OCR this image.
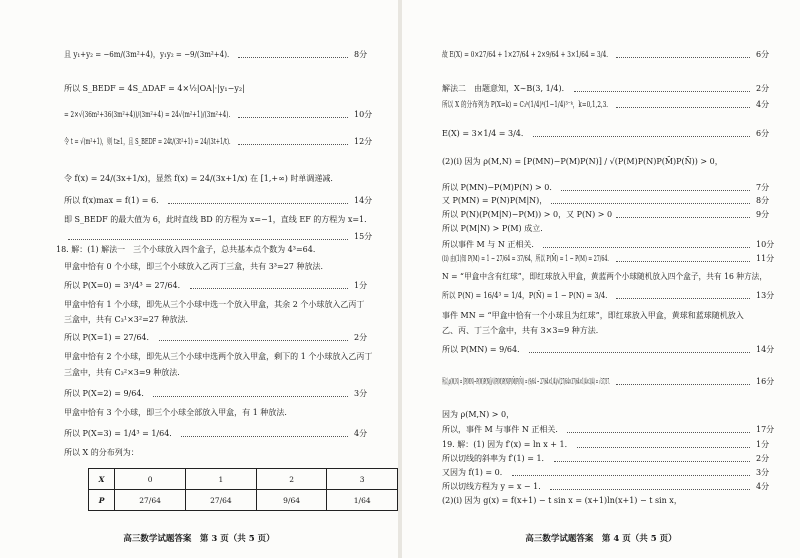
且 y₁+y₂ = −6m/(3m²+4)，y₁y₂ = −9/(3m²+4)．	8分
所以 S_BEDF = 4S_ΔDAF = 4×½|OA|·|y₁−y₂|
= 2×√(36m²+36(3m²+4))/(3m²+4) = 24√(m²+1)/(3m²+4)．	10分
令 t = √(m²+1)，则 t≥1，且 S_BEDF = 24t/(3t²+1) = 24/(3t+1/t)．	12分
令 f(x) = 24/(3x+1/x)，显然 f(x) = 24/(3x+1/x) 在 [1,+∞) 时单调递减．
所以 f(x)max = f(1) = 6．	14分
即 S_BEDF 的最大值为 6，此时直线 BD 的方程为 x=−1，直线 EF 的方程为 x=1．
15分
18. 解：(1) 解法一　三个小球放入四个盒子，总共基本点个数为 4³=64．
甲盒中恰有 0 个小球，即三个小球放入乙丙丁三盒，共有 3³=27 种放法．
所以 P(X=0) = 3³/4³ = 27/64．	1分
甲盒中恰有 1 个小球，即先从三个小球中选一个放入甲盒，其余 2 个小球放入乙丙丁
三盒中，共有 C₃¹×3²=27 种放法．
所以 P(X=1) = 27/64．	2分
甲盒中恰有 2 个小球，即先从三个小球中选两个放入甲盒，剩下的 1 个小球放入乙丙丁
三盒中，共有 C₃²×3=9 种放法．
所以 P(X=2) = 9/64．	3分
甲盒中恰有 3 个小球，即三个小球全部放入甲盒，有 1 种放法．
所以 P(X=3) = 1/4³ = 1/64．	4分
所以 X 的分布列为：
X	0	1	2	3
P	27/64	27/64	9/64	1/64
高三数学试题答案　第 3 页（共 5 页）
故 E(X) = 0×27/64 + 1×27/64 + 2×9/64 + 3×1/64 = 3/4．	6分
解法二　由题意知，X∼B(3, 1/4)．	2分
所以 X 的分布列为 P(X=k) = C₃ᵏ(1/4)ᵏ(1−1/4)³⁻ᵏ，k=0,1,2,3．	4分
E(X) = 3×1/4 = 3/4．	6分
(2)(i) 因为 ρ(M,N) = [P(MN)−P(M)P(N)] / √(P(M)P(N)P(M̄)P(N̄)) > 0，
所以 P(MN)−P(M)P(N) > 0．	7分
又 P(MN) = P(N)P(M|N)，	8分
所以 P(N)(P(M|N)−P(M)) > 0，又 P(N) > 0	9分
所以 P(M|N) > P(M) 成立．
所以事件 M 与 N 正相关．	10分
(ii) 由(1)知 P(M) = 1 − 27/64 = 37/64，所以 P(M̄) = 1 − P(M) = 27/64．	11分
N = “甲盒中含有红球”，即红球放入甲盒，黄蓝两个小球随机放入四个盒子，共有 16 种方法，
所以 P(N) = 16/4³ = 1/4，P(N̄) = 1 − P(N) = 3/4．	13分
事件 MN = “甲盒中恰有一个小球且为红球”，即红球放入甲盒，黄球和蓝球随机放入
乙、丙、丁三个盒中，共有 3×3=9 种方法．
所以 P(MN) = 9/64．	14分
所以 ρ(M,N) = [P(MN)−P(M)P(N)]/√(P(M)P(N)P(M̄)P(N̄)) = (9/64 − 27/64×1/4)/√(27/64×37/64×1/4×3/4) = √37/37．	16分
因为 ρ(M,N) > 0，
所以，事件 M 与事件 N 正相关．	17分
19. 解：(1) 因为 f′(x) = ln x + 1．	1分
所以切线的斜率为 f′(1) = 1．	2分
又因为 f(1) = 0．	3分
所以切线方程为 y = x − 1．	4分
(2)(i) 因为 g(x) = f(x+1) − t sin x = (x+1)ln(x+1) − t sin x，
高三数学试题答案　第 4 页（共 5 页）
